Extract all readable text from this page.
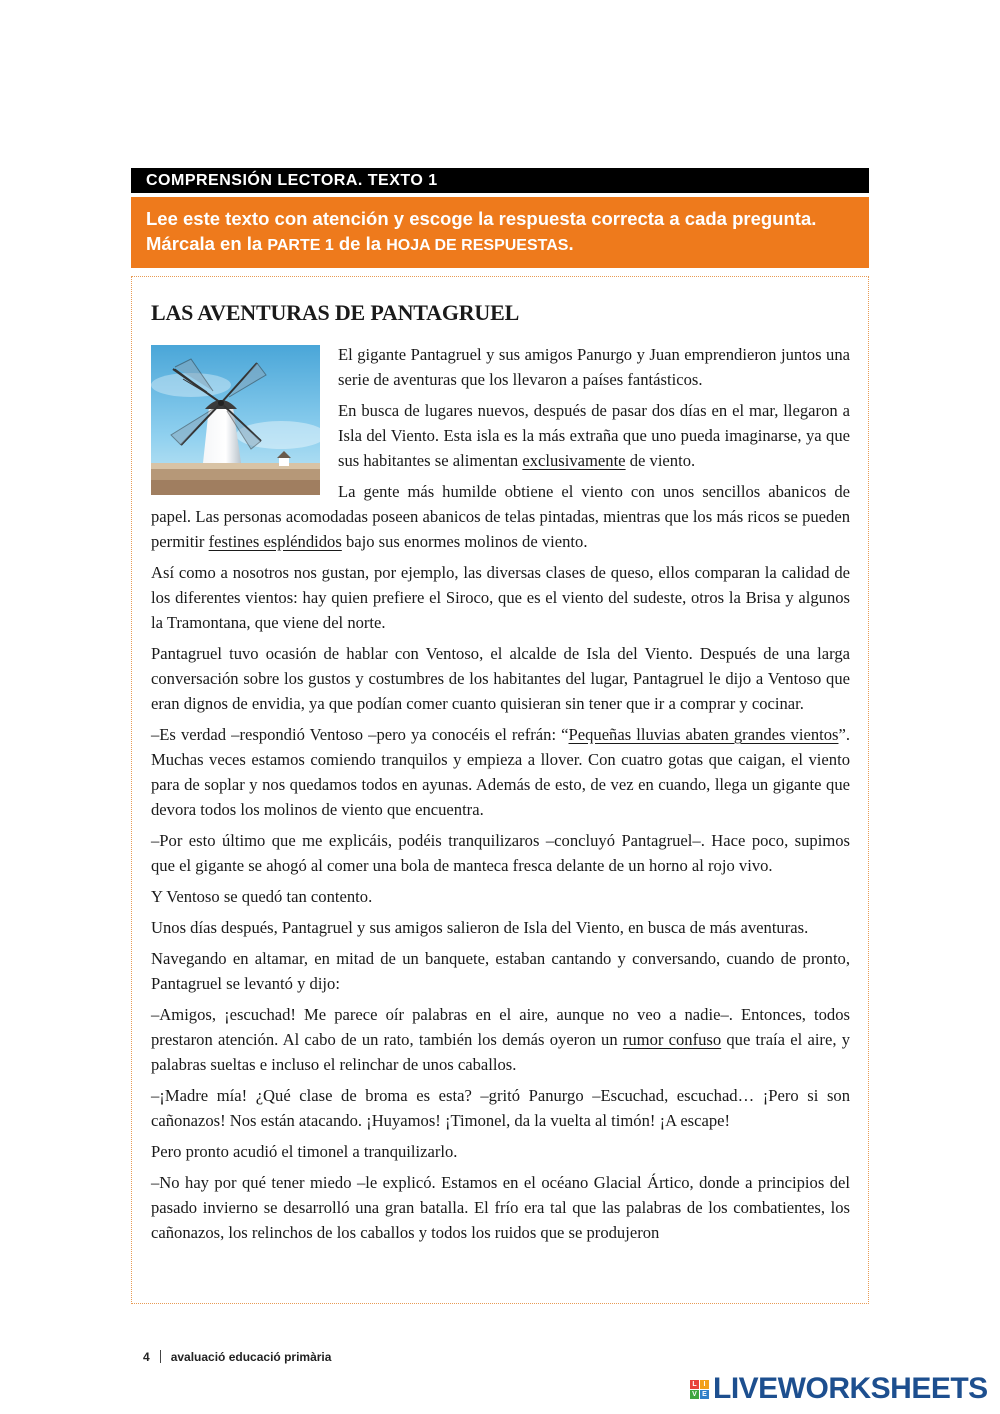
COMPRENSIÓN LECTORA. TEXTO 1
Lee este texto con atención y escoge la respuesta correcta a cada pregunta. Márcala en la PARTE 1 de la HOJA DE RESPUESTAS.
LAS AVENTURAS DE PANTAGRUEL

El gigante Pantagruel y sus amigos Panurgo y Juan emprendieron juntos una serie de aventuras que los llevaron a países fantásticos.

En busca de lugares nuevos, después de pasar dos días en el mar, llegaron a Isla del Viento. Esta isla es la más extraña que uno pueda imaginarse, ya que sus habitantes se alimentan exclusivamente de viento.

La gente más humilde obtiene el viento con unos sencillos abanicos de papel. Las personas acomodadas poseen abanicos de telas pintadas, mientras que los más ricos se pueden permitir festines espléndidos bajo sus enormes molinos de viento.

Así como a nosotros nos gustan, por ejemplo, las diversas clases de queso, ellos comparan la calidad de los diferentes vientos: hay quien prefiere el Siroco, que es el viento del sudeste, otros la Brisa y algunos la Tramontana, que viene del norte.

Pantagruel tuvo ocasión de hablar con Ventoso, el alcalde de Isla del Viento. Después de una larga conversación sobre los gustos y costumbres de los habitantes del lugar, Pantagruel le dijo a Ventoso que eran dignos de envidia, ya que podían comer cuanto quisieran sin tener que ir a comprar y cocinar.

–Es verdad –respondió Ventoso –pero ya conocéis el refrán: “Pequeñas lluvias abaten grandes vientos”. Muchas veces estamos comiendo tranquilos y empieza a llover. Con cuatro gotas que caigan, el viento para de soplar y nos quedamos todos en ayunas. Además de esto, de vez en cuando, llega un gigante que devora todos los molinos de viento que encuentra.

–Por esto último que me explicáis, podéis tranquilizaros –concluyó Pantagruel–. Hace poco, supimos que el gigante se ahogó al comer una bola de manteca fresca delante de un horno al rojo vivo.

Y Ventoso se quedó tan contento.

Unos días después, Pantagruel y sus amigos salieron de Isla del Viento, en busca de más aventuras.

Navegando en altamar, en mitad de un banquete, estaban cantando y conversando, cuando de pronto, Pantagruel se levantó y dijo:

–Amigos, ¡escuchad! Me parece oír palabras en el aire, aunque no veo a nadie–. Entonces, todos prestaron atención. Al cabo de un rato, también los demás oyeron un rumor confuso que traía el aire, y palabras sueltas e incluso el relinchar de unos caballos.

–¡Madre mía! ¿Qué clase de broma es esta? –gritó Panurgo –Escuchad, escuchad… ¡Pero si son cañonazos! Nos están atacando. ¡Huyamos! ¡Timonel, da la vuelta al timón! ¡A escape!

Pero pronto acudió el timonel a tranquilizarlo.

–No hay por qué tener miedo –le explicó. Estamos en el océano Glacial Ártico, donde a principios del pasado invierno se desarrolló una gran batalla. El frío era tal que las palabras de los combatientes, los cañonazos, los relinchos de los caballos y todos los ruidos que se produjeron

4 avaluació educació primària
L I
V E LIVEWORKSHEETS
